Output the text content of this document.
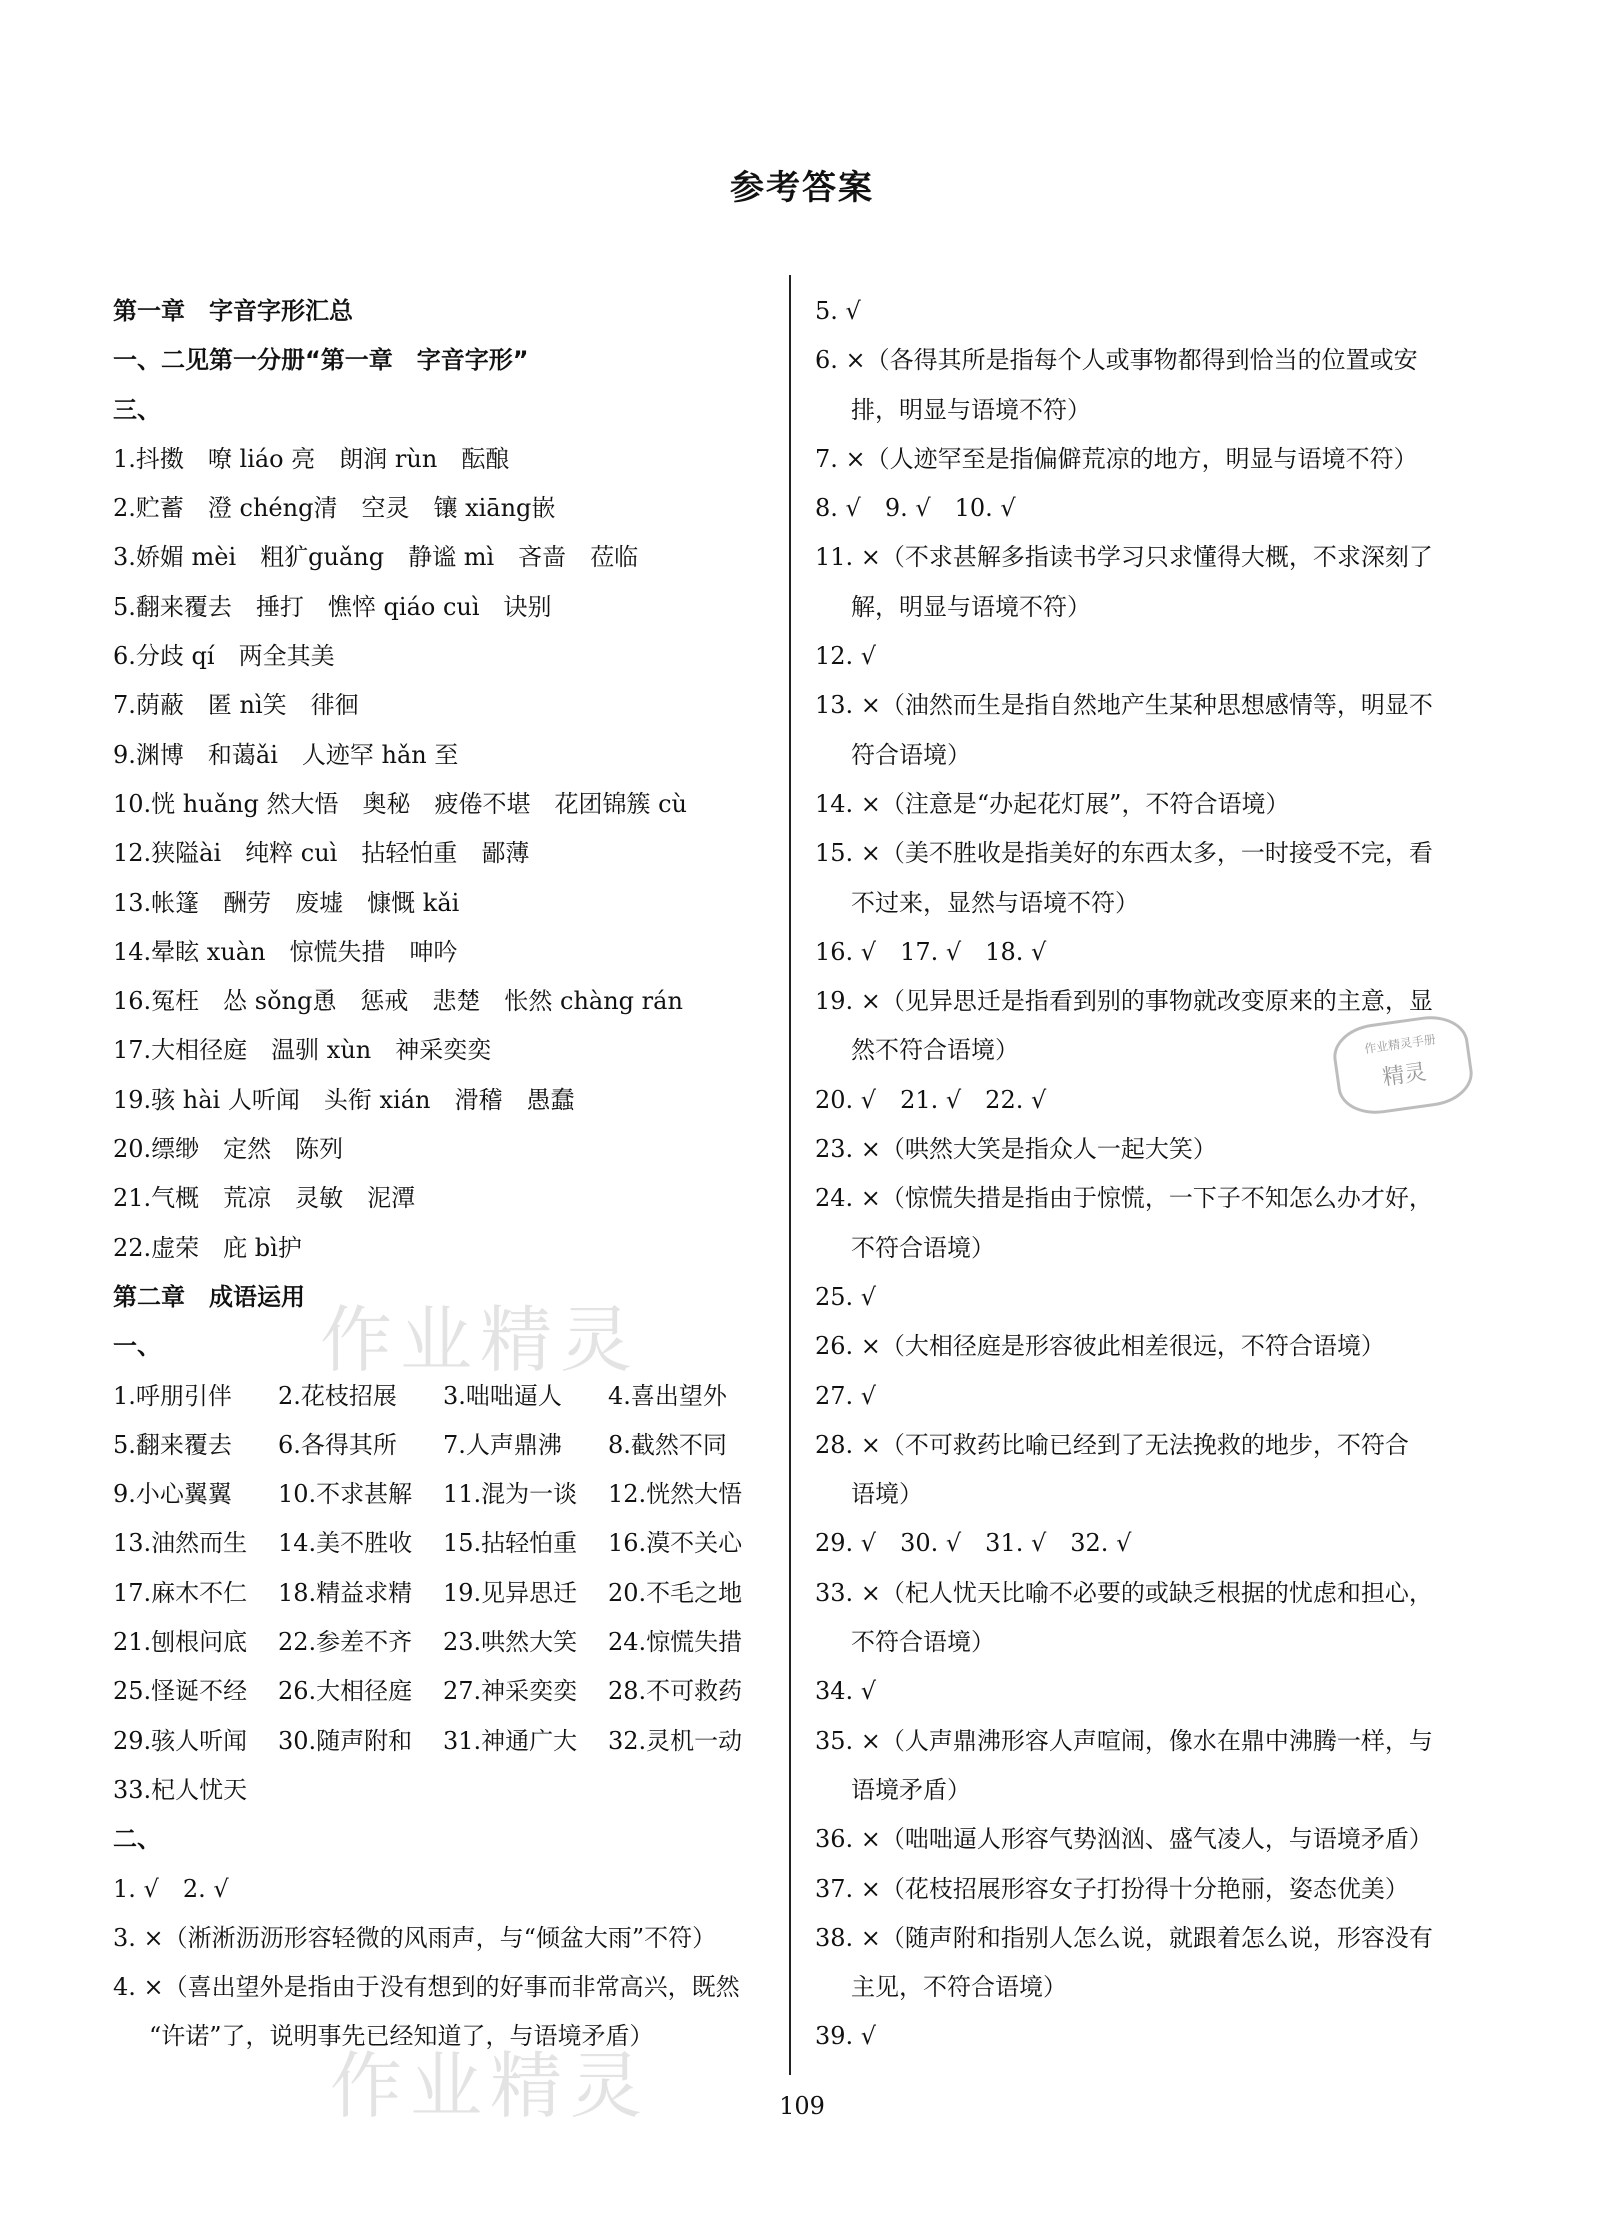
参考答案
作业精灵
作业精灵
作业精灵手册
精灵
第一章　字音字形汇总
一、二见第一分册“第一章　字音字形”
三、
1.抖擞　嘹 liáo 亮　朗润 rùn　酝酿
2.贮蓄　澄 chéng清　空灵　镶 xiāng嵌
3.娇媚 mèi　粗犷guǎng　静谧 mì　吝啬　莅临
5.翻来覆去　捶打　憔悴 qiáo cuì　诀别
6.分歧 qí　两全其美
7.荫蔽　匿 nì笑　徘徊
9.渊博　和蔼ǎi　人迹罕 hǎn 至
10.恍 huǎng 然大悟　奥秘　疲倦不堪　花团锦簇 cù
12.狭隘ài　纯粹 cuì　拈轻怕重　鄙薄
13.帐篷　酬劳　废墟　慷慨 kǎi
14.晕眩 xuàn　惊慌失措　呻吟
16.冤枉　怂 sǒng恿　惩戒　悲楚　怅然 chàng rán
17.大相径庭　温驯 xùn　神采奕奕
19.骇 hài 人听闻　头衔 xián　滑稽　愚蠢
20.缥缈　定然　陈列
21.气概　荒凉　灵敏　泥潭
22.虚荣　庇 bì护
第二章　成语运用
一、
1.呼朋引伴 2.花枝招展 3.咄咄逼人 4.喜出望外
5.翻来覆去 6.各得其所 7.人声鼎沸 8.截然不同
9.小心翼翼 10.不求甚解 11.混为一谈 12.恍然大悟
13.油然而生 14.美不胜收 15.拈轻怕重 16.漠不关心
17.麻木不仁 18.精益求精 19.见异思迁 20.不毛之地
21.刨根问底 22.参差不齐 23.哄然大笑 24.惊慌失措
25.怪诞不经 26.大相径庭 27.神采奕奕 28.不可救药
29.骇人听闻 30.随声附和 31.神通广大 32.灵机一动
33.杞人忧天
二、
1. √　2. √
3. ×（淅淅沥沥形容轻微的风雨声，与“倾盆大雨”不符）
4. ×（喜出望外是指由于没有想到的好事而非常高兴，既然
“许诺”了，说明事先已经知道了，与语境矛盾）
5. √
6. ×（各得其所是指每个人或事物都得到恰当的位置或安
排，明显与语境不符）
7. ×（人迹罕至是指偏僻荒凉的地方，明显与语境不符）
8. √　9. √　10. √
11. ×（不求甚解多指读书学习只求懂得大概，不求深刻了
解，明显与语境不符）
12. √
13. ×（油然而生是指自然地产生某种思想感情等，明显不
符合语境）
14. ×（注意是“办起花灯展”，不符合语境）
15. ×（美不胜收是指美好的东西太多，一时接受不完，看
不过来，显然与语境不符）
16. √　17. √　18. √
19. ×（见异思迁是指看到别的事物就改变原来的主意，显
然不符合语境）
20. √　21. √　22. √
23. ×（哄然大笑是指众人一起大笑）
24. ×（惊慌失措是指由于惊慌，一下子不知怎么办才好，
不符合语境）
25. √
26. ×（大相径庭是形容彼此相差很远，不符合语境）
27. √
28. ×（不可救药比喻已经到了无法挽救的地步，不符合
语境）
29. √　30. √　31. √　32. √
33. ×（杞人忧天比喻不必要的或缺乏根据的忧虑和担心，
不符合语境）
34. √
35. ×（人声鼎沸形容人声喧闹，像水在鼎中沸腾一样，与
语境矛盾）
36. ×（咄咄逼人形容气势汹汹、盛气凌人，与语境矛盾）
37. ×（花枝招展形容女子打扮得十分艳丽，姿态优美）
38. ×（随声附和指别人怎么说，就跟着怎么说，形容没有
主见，不符合语境）
39. √
109
